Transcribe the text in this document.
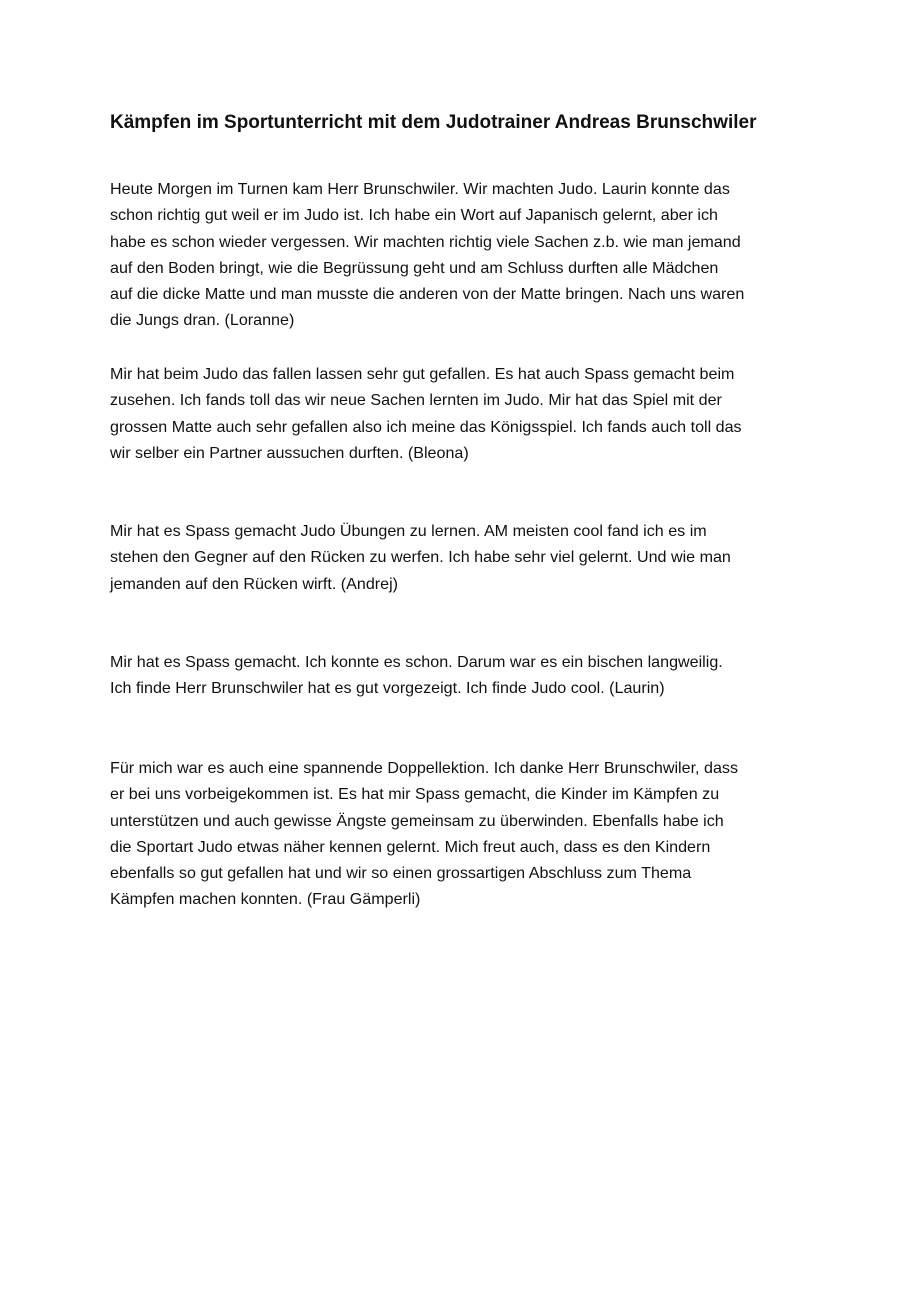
Kämpfen im Sportunterricht mit dem Judotrainer Andreas Brunschwiler

Heute Morgen im Turnen kam Herr Brunschwiler. Wir machten Judo. Laurin konnte das
schon richtig gut weil er im Judo ist. Ich habe ein Wort auf Japanisch gelernt, aber ich
habe es schon wieder vergessen. Wir machten richtig viele Sachen z.b. wie man jemand
auf den Boden bringt, wie die Begrüssung geht und am Schluss durften alle Mädchen
auf die dicke Matte und man musste die anderen von der Matte bringen. Nach uns waren
die Jungs dran. (Loranne)

Mir hat beim Judo das fallen lassen sehr gut gefallen. Es hat auch Spass gemacht beim
zusehen. Ich fands toll das wir neue Sachen lernten im Judo. Mir hat das Spiel mit der
grossen Matte auch sehr gefallen also ich meine das Königsspiel. Ich fands auch toll das
wir selber ein Partner aussuchen durften. (Bleona)

Mir hat es Spass gemacht Judo Übungen zu lernen. AM meisten cool fand ich es im
stehen den Gegner auf den Rücken zu werfen. Ich habe sehr viel gelernt. Und wie man
jemanden auf den Rücken wirft. (Andrej)

Mir hat es Spass gemacht. Ich konnte es schon. Darum war es ein bischen langweilig.
Ich finde Herr Brunschwiler hat es gut vorgezeigt. Ich finde Judo cool. (Laurin)

Für mich war es auch eine spannende Doppellektion. Ich danke Herr Brunschwiler, dass
er bei uns vorbeigekommen ist. Es hat mir Spass gemacht, die Kinder im Kämpfen zu
unterstützen und auch gewisse Ängste gemeinsam zu überwinden. Ebenfalls habe ich
die Sportart Judo etwas näher kennen gelernt. Mich freut auch, dass es den Kindern
ebenfalls so gut gefallen hat und wir so einen grossartigen Abschluss zum Thema
Kämpfen machen konnten. (Frau Gämperli)
